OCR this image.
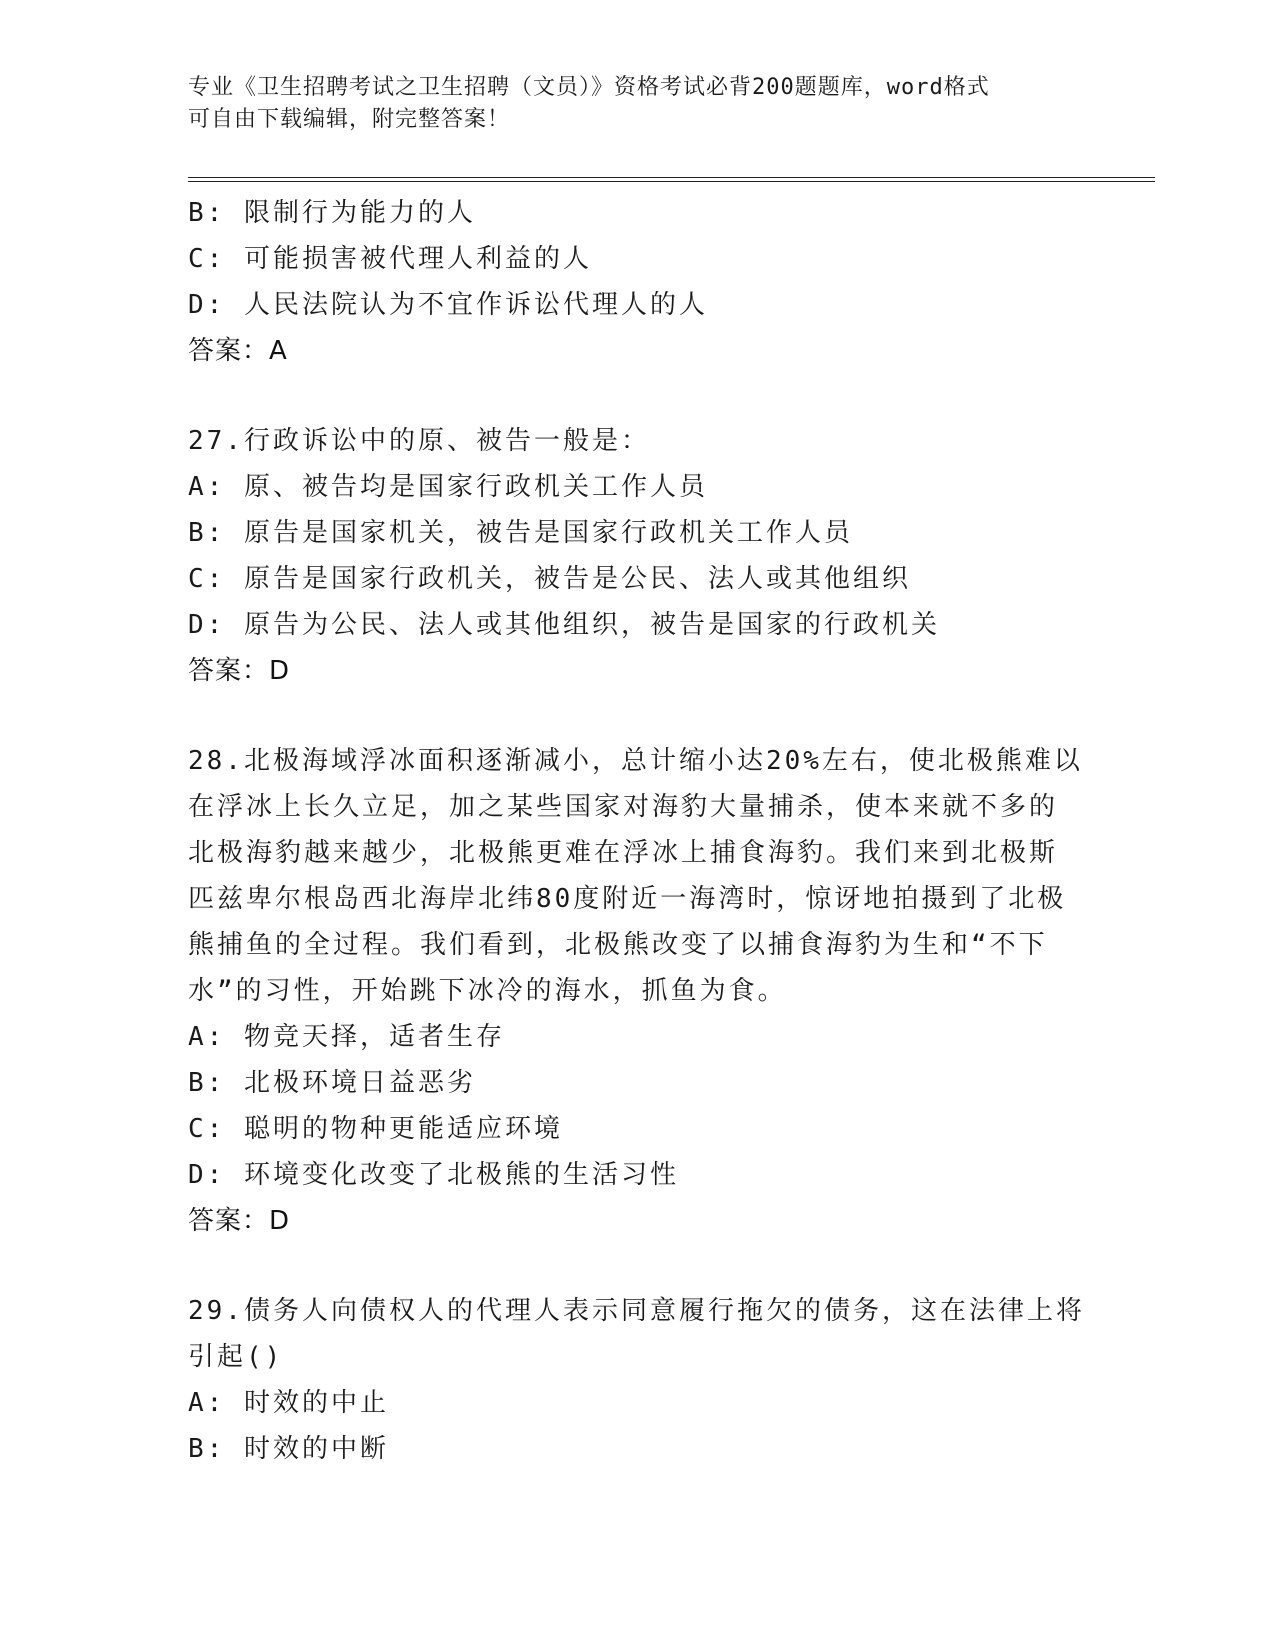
专业《卫生招聘考试之卫生招聘（文员）》资格考试必背200题题库，word格式
可自由下载编辑，附完整答案！
B: 限制行为能力的人
C: 可能损害被代理人利益的人
D: 人民法院认为不宜作诉讼代理人的人
答案：A
27.行政诉讼中的原、被告一般是：
A: 原、被告均是国家行政机关工作人员
B: 原告是国家机关，被告是国家行政机关工作人员
C: 原告是国家行政机关，被告是公民、法人或其他组织
D: 原告为公民、法人或其他组织，被告是国家的行政机关
答案：D
28.北极海域浮冰面积逐渐减小，总计缩小达20%左右，使北极熊难以
在浮冰上长久立足，加之某些国家对海豹大量捕杀，使本来就不多的
北极海豹越来越少，北极熊更难在浮冰上捕食海豹。我们来到北极斯
匹兹卑尔根岛西北海岸北纬80度附近一海湾时，惊讶地拍摄到了北极
熊捕鱼的全过程。我们看到，北极熊改变了以捕食海豹为生和“不下
水”的习性，开始跳下冰冷的海水，抓鱼为食。
A: 物竞天择，适者生存
B: 北极环境日益恶劣
C: 聪明的物种更能适应环境
D: 环境变化改变了北极熊的生活习性
答案：D
29.债务人向债权人的代理人表示同意履行拖欠的债务，这在法律上将
引起()
A: 时效的中止
B: 时效的中断
